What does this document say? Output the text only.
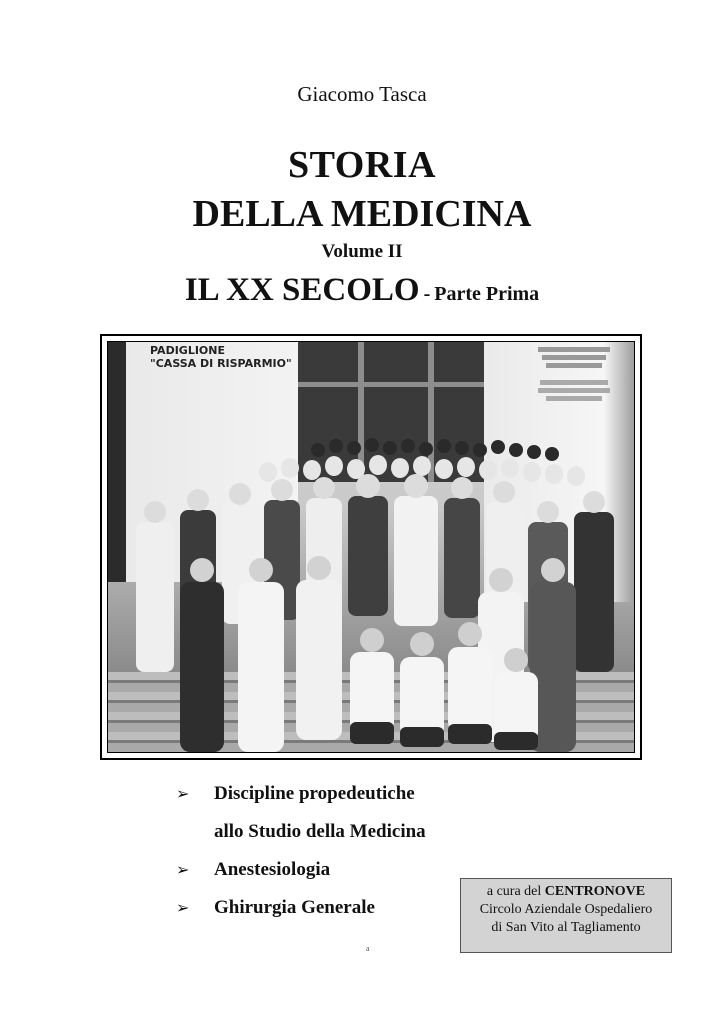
Giacomo Tasca
STORIA
DELLA MEDICINA
Volume II
IL XX SECOLO - Parte Prima
PADIGLIONE
"CASSA DI RISPARMIO"
➢ Discipline propedeutiche
allo Studio della Medicina
➢ Anestesiologia
➢ Ghirurgia Generale
a cura del CENTRONOVE
Circolo Aziendale Ospedaliero
di San Vito al Tagliamento
a
